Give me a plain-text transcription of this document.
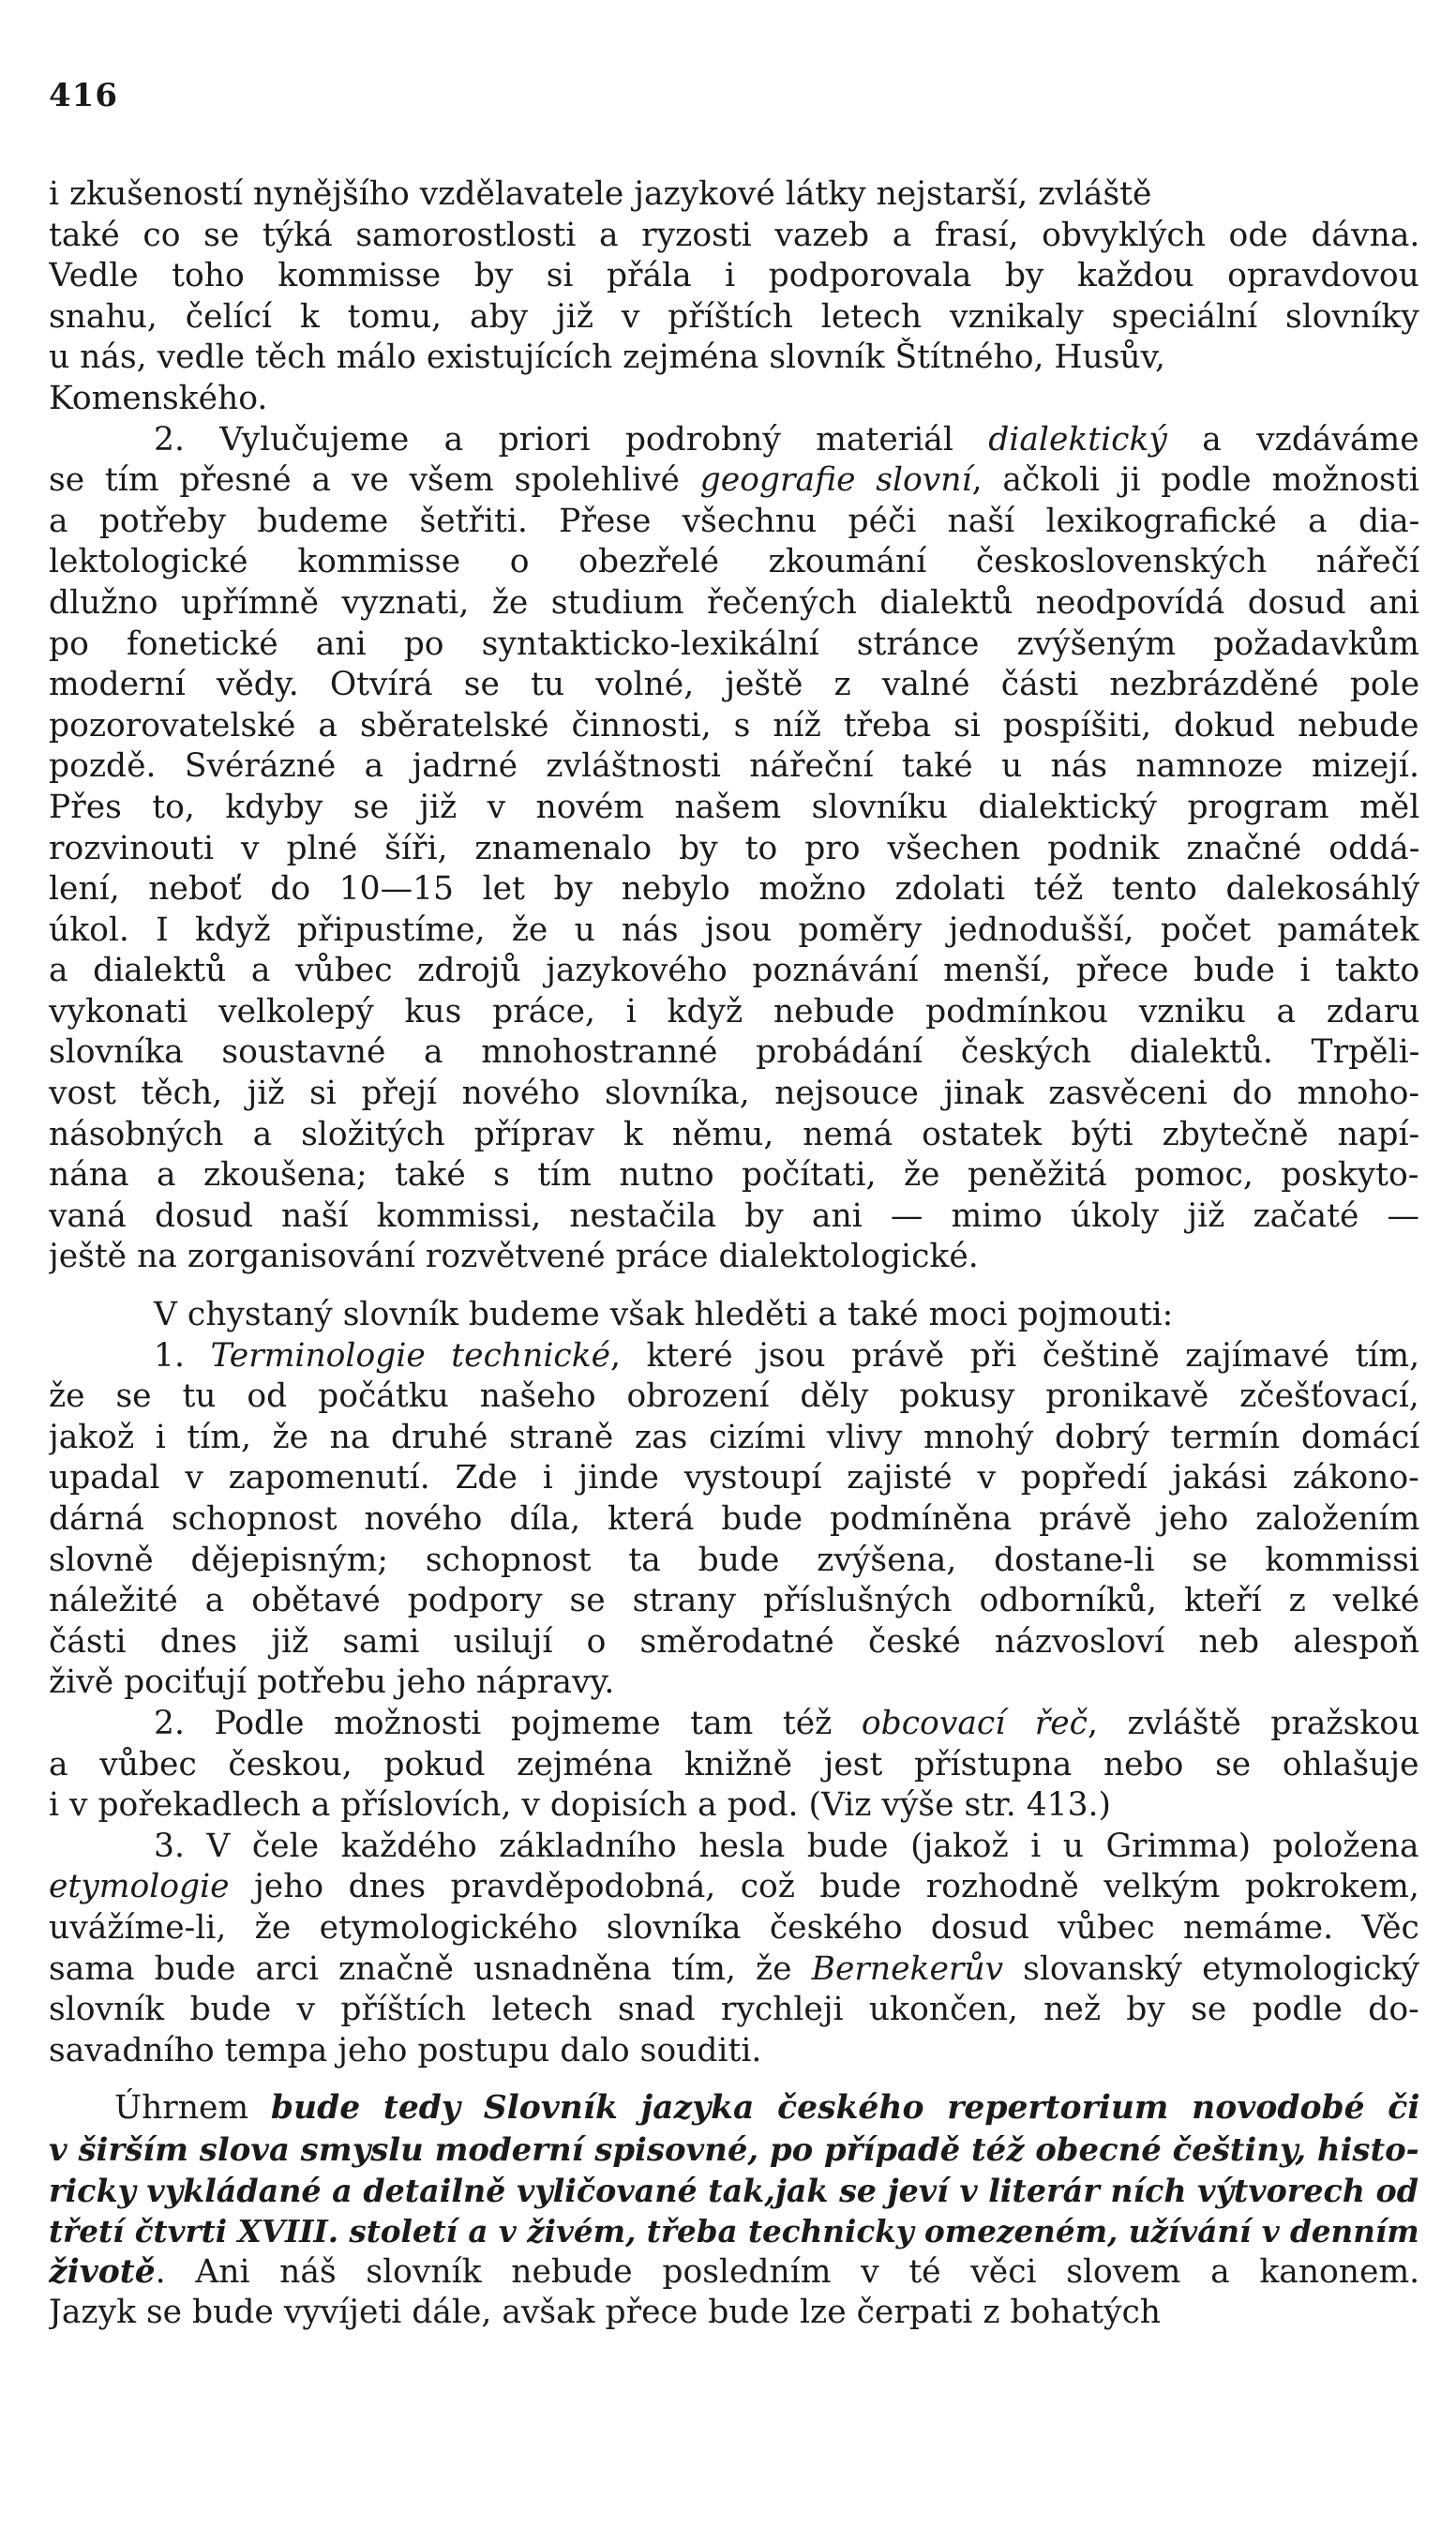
416
i zkušeností nynějšího vzdělavatele jazykové látky nejstarší, zvláště
také co se týká samorostlosti a ryzosti vazeb a frasí, obvyklých ode dávna.
Vedle toho kommisse by si přála i podporovala by každou opravdovou
snahu, čelící k tomu, aby již v příštích letech vznikaly speciální slovníky
u nás, vedle těch málo existujících zejména slovník Štítného, Husův,
Komenského.
2. Vylučujeme a priori podrobný materiál dialektický a vzdáváme
se tím přesné a ve všem spolehlivé geografie slovní, ačkoli ji podle možnosti
a potřeby budeme šetřiti. Přese všechnu péči naší lexikografické a dia-
lektologické kommisse o obezřelé zkoumání československých nářečí
dlužno upřímně vyznati, že studium řečených dialektů neodpovídá dosud ani
po fonetické ani po syntakticko-lexikální stránce zvýšeným požadavkům
moderní vědy. Otvírá se tu volné, ještě z valné části nezbrázděné pole
pozorovatelské a sběratelské činnosti, s níž třeba si pospíšiti, dokud nebude
pozdě. Svérázné a jadrné zvláštnosti nářeční také u nás namnoze mizejí.
Přes to, kdyby se již v novém našem slovníku dialektický program měl
rozvinouti v plné šíři, znamenalo by to pro všechen podnik značné oddá-
lení, neboť do 10—15 let by nebylo možno zdolati též tento dalekosáhlý
úkol. I když připustíme, že u nás jsou poměry jednodušší, počet památek
a dialektů a vůbec zdrojů jazykového poznávání menší, přece bude i takto
vykonati velkolepý kus práce, i když nebude podmínkou vzniku a zdaru
slovníka soustavné a mnohostranné probádání českých dialektů. Trpěli-
vost těch, již si přejí nového slovníka, nejsouce jinak zasvěceni do mnoho-
násobných a složitých příprav k němu, nemá ostatek býti zbytečně napí-
nána a zkoušena; také s tím nutno počítati, že peněžitá pomoc, poskyto-
vaná dosud naší kommissi, nestačila by ani — mimo úkoly již začaté —
ještě na zorganisování rozvětvené práce dialektologické.
V chystaný slovník budeme však hleděti a také moci pojmouti:
1. Terminologie technické, které jsou právě při češtině zajímavé tím,
že se tu od počátku našeho obrození děly pokusy pronikavě zčešťovací,
jakož i tím, že na druhé straně zas cizími vlivy mnohý dobrý termín domácí
upadal v zapomenutí. Zde i jinde vystoupí zajisté v popředí jakási zákono-
dárná schopnost nového díla, která bude podmíněna právě jeho založením
slovně dějepisným; schopnost ta bude zvýšena, dostane-li se kommissi
náležité a obětavé podpory se strany příslušných odborníků, kteří z velké
části dnes již sami usilují o směrodatné české názvosloví neb alespoň
živě pociťují potřebu jeho nápravy.
2. Podle možnosti pojmeme tam též obcovací řeč, zvláště pražskou
a vůbec českou, pokud zejména knižně jest přístupna nebo se ohlašuje
i v pořekadlech a příslovích, v dopisích a pod. (Viz výše str. 413.)
3. V čele každého základního hesla bude (jakož i u Grimma) položena
etymologie jeho dnes pravděpodobná, což bude rozhodně velkým pokrokem,
uvážíme-li, že etymologického slovníka českého dosud vůbec nemáme. Věc
sama bude arci značně usnadněna tím, že Bernekerův slovanský etymologický
slovník bude v příštích letech snad rychleji ukončen, než by se podle do-
savadního tempa jeho postupu dalo souditi.
Úhrnem bude tedy Slovník jazyka českého repertorium novodobé či
v širším slova smyslu moderní spisovné, po případě též obecné češtiny, histo-
ricky vykládané a detailně vyličované tak,jak se jeví v literár ních výtvorech od
třetí čtvrti XVIII. století a v živém, třeba technicky omezeném, užívání v denním
životě. Ani náš slovník nebude posledním v té věci slovem a kanonem.
Jazyk se bude vyvíjeti dále, avšak přece bude lze čerpati z bohatých
